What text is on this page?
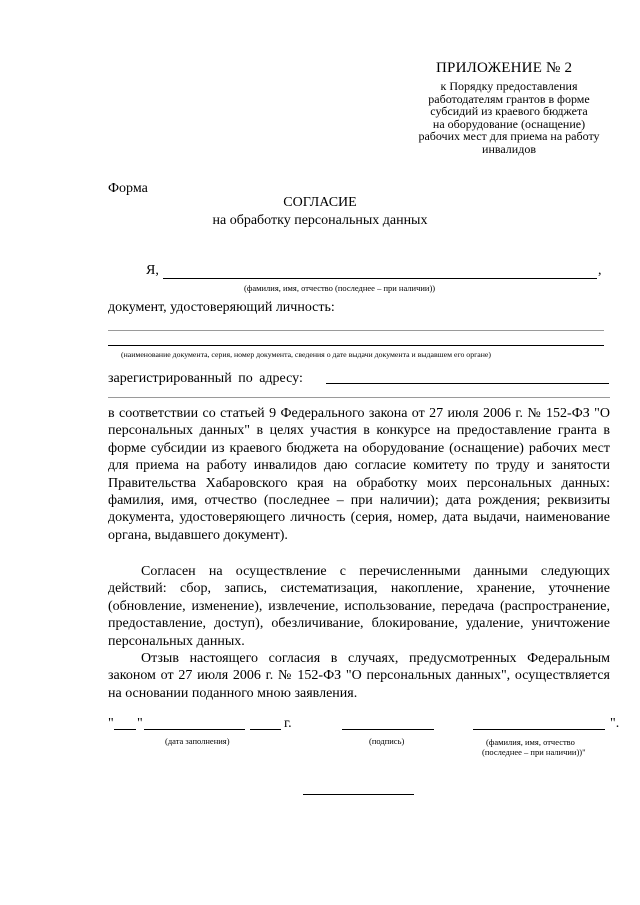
ПРИЛОЖЕНИЕ № 2
к Порядку предоставления
работодателям грантов в форме
субсидий из краевого бюджета
на оборудование (оснащение)
рабочих мест для приема на работу
инвалидов
Форма
СОГЛАСИЕ
на обработку персональных данных
Я,	,
(фамилия, имя, отчество (последнее – при наличии))
документ, удостоверяющий личность:
(наименование документа, серия, номер документа, сведения о дате выдачи документа и выдавшем его органе)
зарегистрированный по адресу:

в соответствии со статьей 9 Федерального закона от 27 июля 2006 г. № 152-ФЗ "О персональных данных" в целях участия в конкурсе на предоставление гранта в форме субсидии из краевого бюджета на оборудование (оснащение) рабочих мест для приема на работу инвалидов даю согласие комитету по труду и занятости Правительства Хабаровского края на обработку моих персональных данных: фамилия, имя, отчество (последнее – при наличии); дата рождения; реквизиты документа, удостоверяющего личность (серия, номер, дата выдачи, наименование органа, выдавшего документ).

Согласен на осуществление с перечисленными данными следующих действий: сбор, запись, систематизация, накопление, хранение, уточнение (обновление, изменение), извлечение, использование, передача (распространение, предоставление, доступ), обезличивание, блокирование, удаление, уничтожение персональных данных.

Отзыв настоящего согласия в случаях, предусмотренных Федеральным законом от 27 июля 2006 г. № 152-ФЗ "О персональных данных", осуществляется на основании поданного мною заявления.

" "	г.
(дата заполнения)	(подпись)
".
(фамилия, имя, отчество
(последнее – при наличии))"
